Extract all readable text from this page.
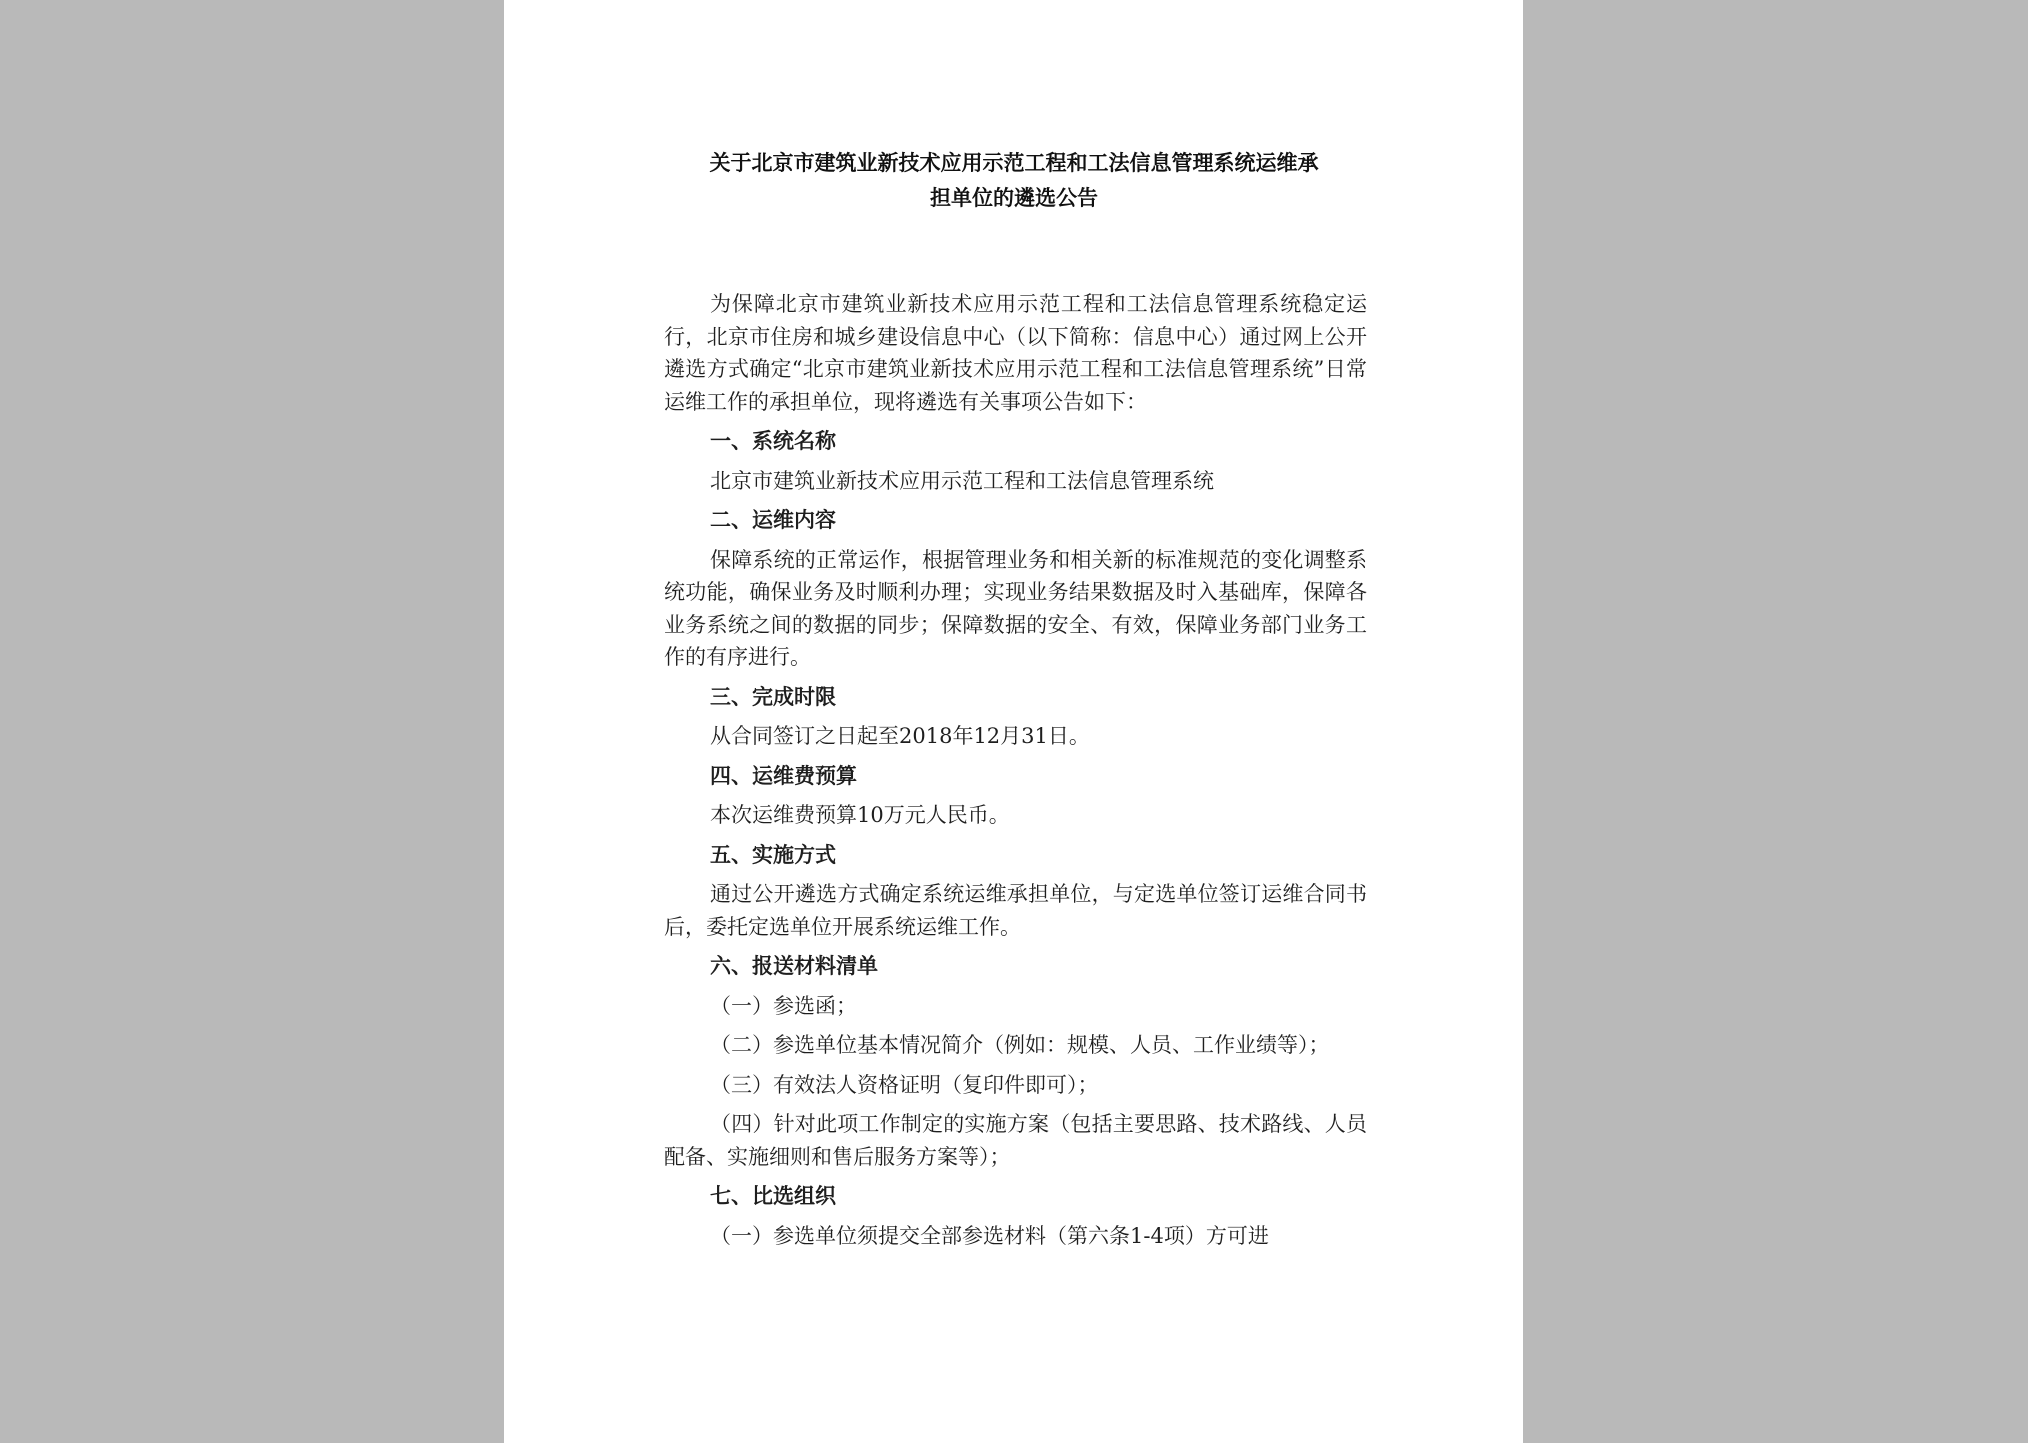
关于北京市建筑业新技术应用示范工程和工法信息管理系统运维承
担单位的遴选公告

为保障北京市建筑业新技术应用示范工程和工法信息管理系统稳定运行，北京市住房和城乡建设信息中心（以下简称：信息中心）通过网上公开遴选方式确定“北京市建筑业新技术应用示范工程和工法信息管理系统”日常运维工作的承担单位，现将遴选有关事项公告如下：

一、系统名称

北京市建筑业新技术应用示范工程和工法信息管理系统

二、运维内容

保障系统的正常运作，根据管理业务和相关新的标准规范的变化调整系统功能，确保业务及时顺利办理；实现业务结果数据及时入基础库，保障各业务系统之间的数据的同步；保障数据的安全、有效，保障业务部门业务工作的有序进行。

三、完成时限

从合同签订之日起至2018年12月31日。

四、运维费预算

本次运维费预算10万元人民币。

五、实施方式

通过公开遴选方式确定系统运维承担单位，与定选单位签订运维合同书后，委托定选单位开展系统运维工作。

六、报送材料清单

（一）参选函；

（二）参选单位基本情况简介（例如：规模、人员、工作业绩等）；

（三）有效法人资格证明（复印件即可）；

（四）针对此项工作制定的实施方案（包括主要思路、技术路线、人员配备、实施细则和售后服务方案等）；

七、比选组织

（一）参选单位须提交全部参选材料（第六条1-4项）方可进
